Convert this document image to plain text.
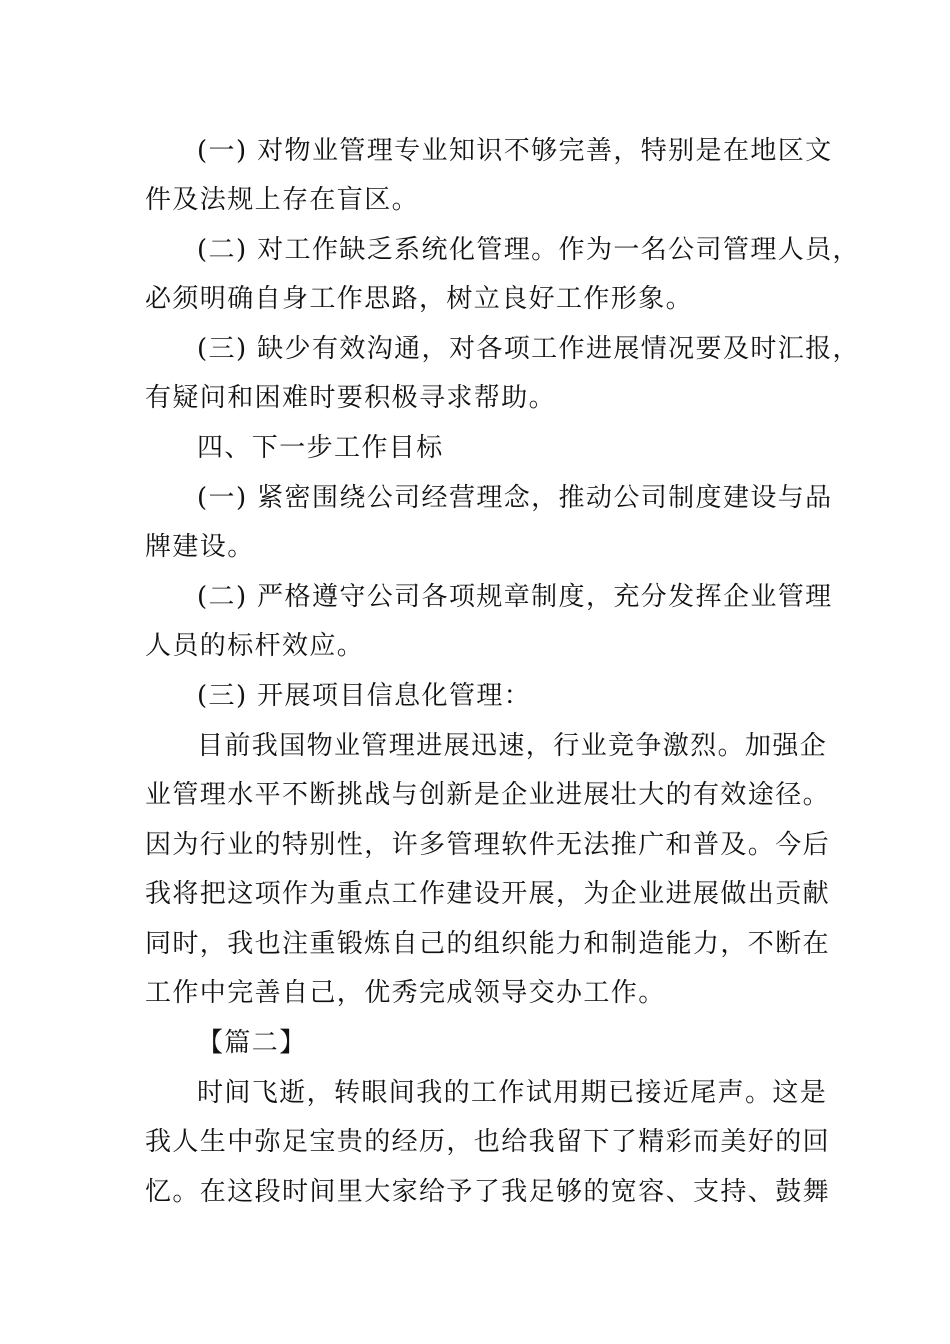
(一) 对物业管理专业知识不够完善，特别是在地区文
件及法规上存在盲区。
(二) 对工作缺乏系统化管理。作为一名公司管理人员，
必须明确自身工作思路，树立良好工作形象。
(三) 缺少有效沟通，对各项工作进展情况要及时汇报，
有疑问和困难时要积极寻求帮助。
四、下一步工作目标
(一) 紧密围绕公司经营理念，推动公司制度建设与品
牌建设。
(二) 严格遵守公司各项规章制度，充分发挥企业管理
人员的标杆效应。
(三) 开展项目信息化管理：
目前我国物业管理进展迅速，行业竞争激烈。加强企
业管理水平不断挑战与创新是企业进展壮大的有效途径。
因为行业的特别性，许多管理软件无法推广和普及。今后
我将把这项作为重点工作建设开展，为企业进展做出贡献
同时，我也注重锻炼自己的组织能力和制造能力，不断在
工作中完善自己，优秀完成领导交办工作。
【篇二】
时间飞逝，转眼间我的工作试用期已接近尾声。这是
我人生中弥足宝贵的经历，也给我留下了精彩而美好的回
忆。在这段时间里大家给予了我足够的宽容、支持、鼓舞
